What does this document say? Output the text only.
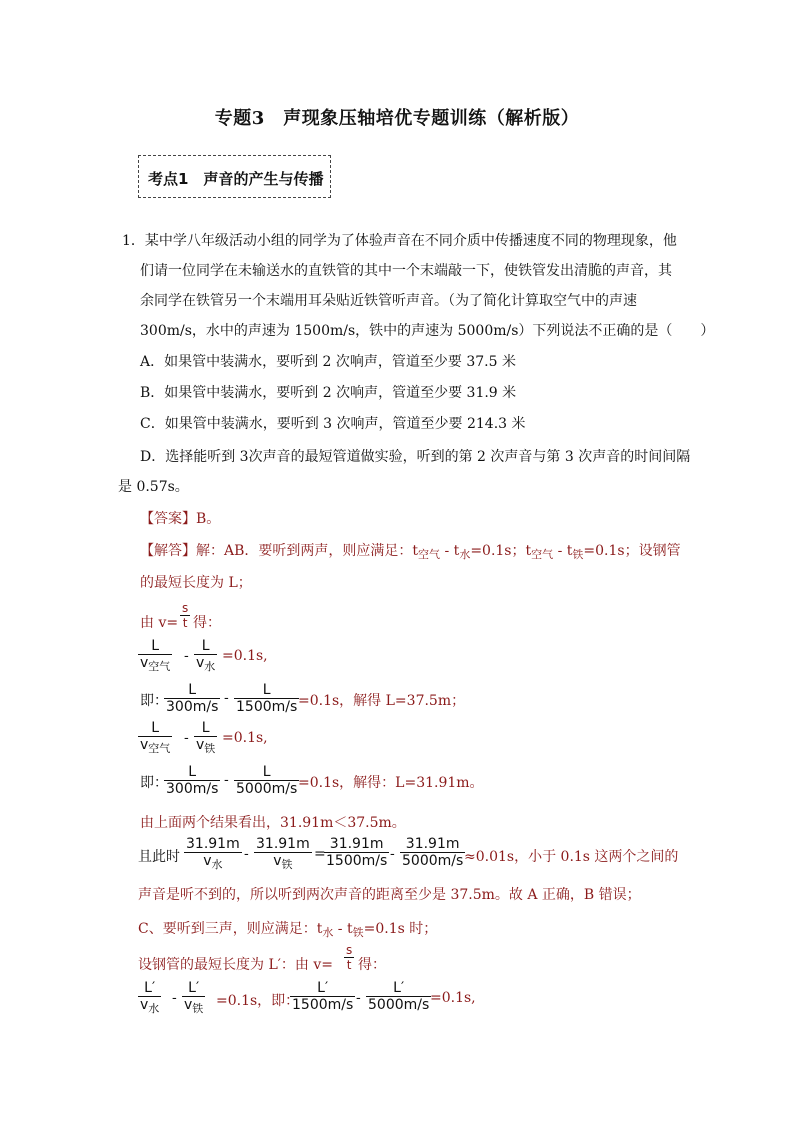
专题3　声现象压轴培优专题训练（解析版）
考点1　声音的产生与传播
1．某中学八年级活动小组的同学为了体验声音在不同介质中传播速度不同的物理现象，他
们请一位同学在未输送水的直铁管的其中一个末端敲一下，使铁管发出清脆的声音，其
余同学在铁管另一个末端用耳朵贴近铁管听声音。（为了简化计算取空气中的声速
300m/s，水中的声速为 1500m/s，铁中的声速为 5000m/s）下列说法不正确的是（　　）
A．如果管中装满水，要听到 2 次响声，管道至少要 37.5 米
B．如果管中装满水，要听到 2 次响声，管道至少要 31.9 米
C．如果管中装满水，要听到 3 次响声，管道至少要 214.3 米
D．选择能听到 3次声音的最短管道做实验，听到的第 2 次声音与第 3 次声音的时间间隔
是 0.57s。
【答案】B。
【解答】解：AB．要听到两声，则应满足：$t_{空气} - t_水=0.1s$；$t_{空气} - t_铁=0.1s$；设钢管
的最短长度为 L；
由 $v= \frac{s}{t}$ 得：
L
$v_{空气}$
-
L
$v_水$
=0.1s,
即：
$\frac{L}{300m/s} - \frac{L}{1500m/s}$
=0.1s，解得 L=37.5m；
L
$v_{空气}$
-
L
$v_铁$
=0.1s,
即：
$\frac{L}{300m/s} - \frac{L}{5000m/s}$
=0.1s，解得：L=31.91m。
由上面两个结果看出，31.91m＜37.5m。
且此时
31.91m
$v_水$
-
31.91m
$v_铁$
=
$\frac{31.91m}{1500m/s} - \frac{31.91m}{5000m/s}$
≈0.01s，小于 0.1s 这两个之间的
声音是听不到的，所以听到两次声音的距离至少是 37.5m。故 A 正确，B 错误；
C、要听到三声，则应满足：$t_水 - t_铁=0.1s$ 时；
设钢管的最短长度为 L′：由 $v= \frac{s}{t}$ 得：
L′
$v_水$
-
L′
$v_铁 =0.1s$，即：
$\frac{L'}{1500m/s} - \frac{L'}{5000m/s}$
=0.1s,
